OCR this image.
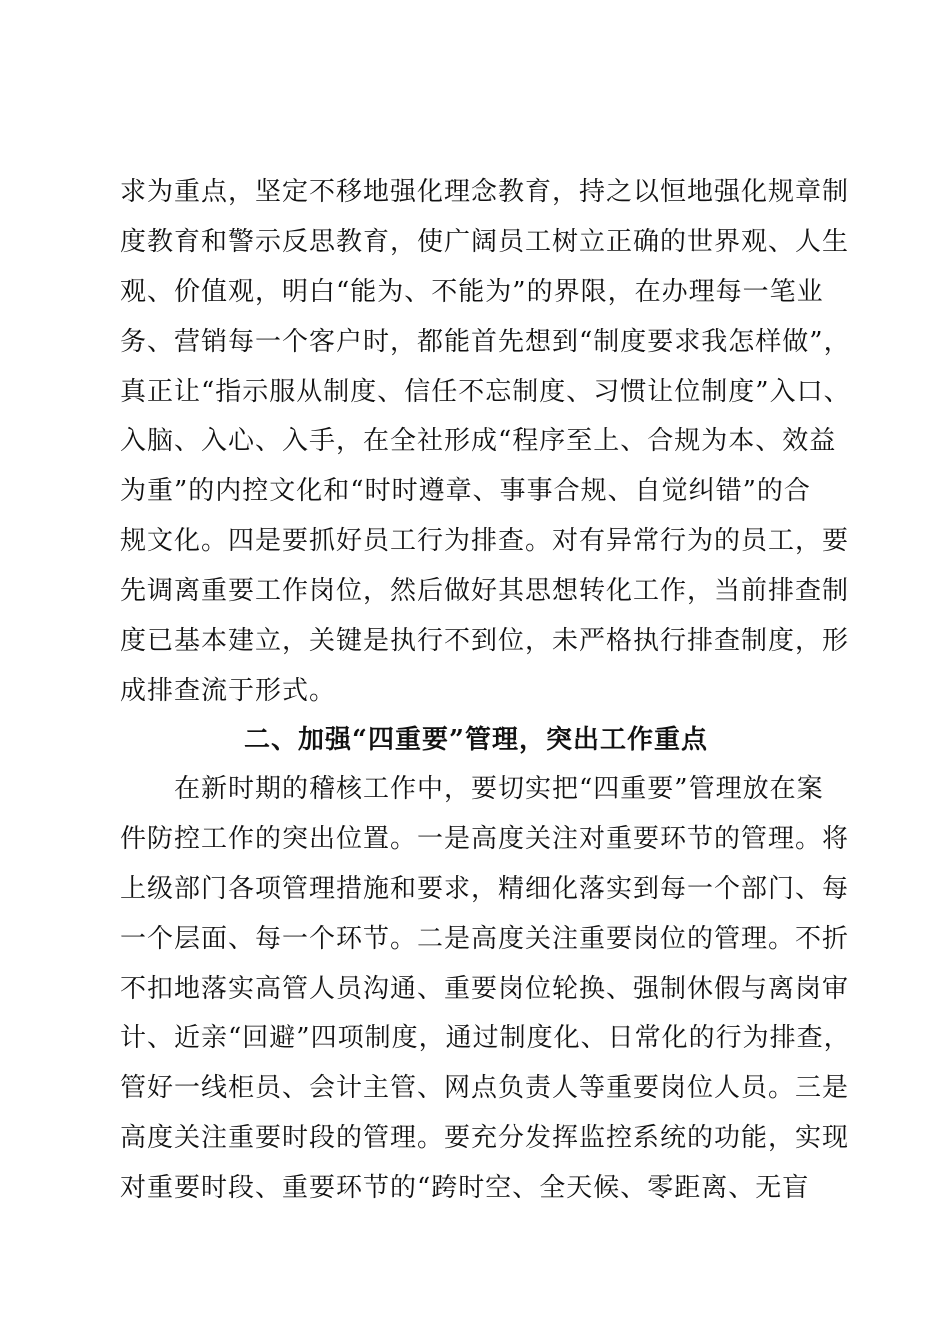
求为重点，坚定不移地强化理念教育，持之以恒地强化规章制
度教育和警示反思教育，使广阔员工树立正确的世界观、人生
观、价值观，明白“能为、不能为”的界限，在办理每一笔业
务、营销每一个客户时，都能首先想到“制度要求我怎样做”，
真正让“指示服从制度、信任不忘制度、习惯让位制度”入口、
入脑、入心、入手，在全社形成“程序至上、合规为本、效益
为重”的内控文化和“时时遵章、事事合规、自觉纠错”的合
规文化。四是要抓好员工行为排查。对有异常行为的员工，要
先调离重要工作岗位，然后做好其思想转化工作，当前排查制
度已基本建立，关键是执行不到位，未严格执行排查制度，形
成排查流于形式。
二、加强“四重要”管理，突出工作重点
　　在新时期的稽核工作中，要切实把“四重要”管理放在案
件防控工作的突出位置。一是高度关注对重要环节的管理。将
上级部门各项管理措施和要求，精细化落实到每一个部门、每
一个层面、每一个环节。二是高度关注重要岗位的管理。不折
不扣地落实高管人员沟通、重要岗位轮换、强制休假与离岗审
计、近亲“回避”四项制度，通过制度化、日常化的行为排查，
管好一线柜员、会计主管、网点负责人等重要岗位人员。三是
高度关注重要时段的管理。要充分发挥监控系统的功能，实现
对重要时段、重要环节的“跨时空、全天候、零距离、无盲
